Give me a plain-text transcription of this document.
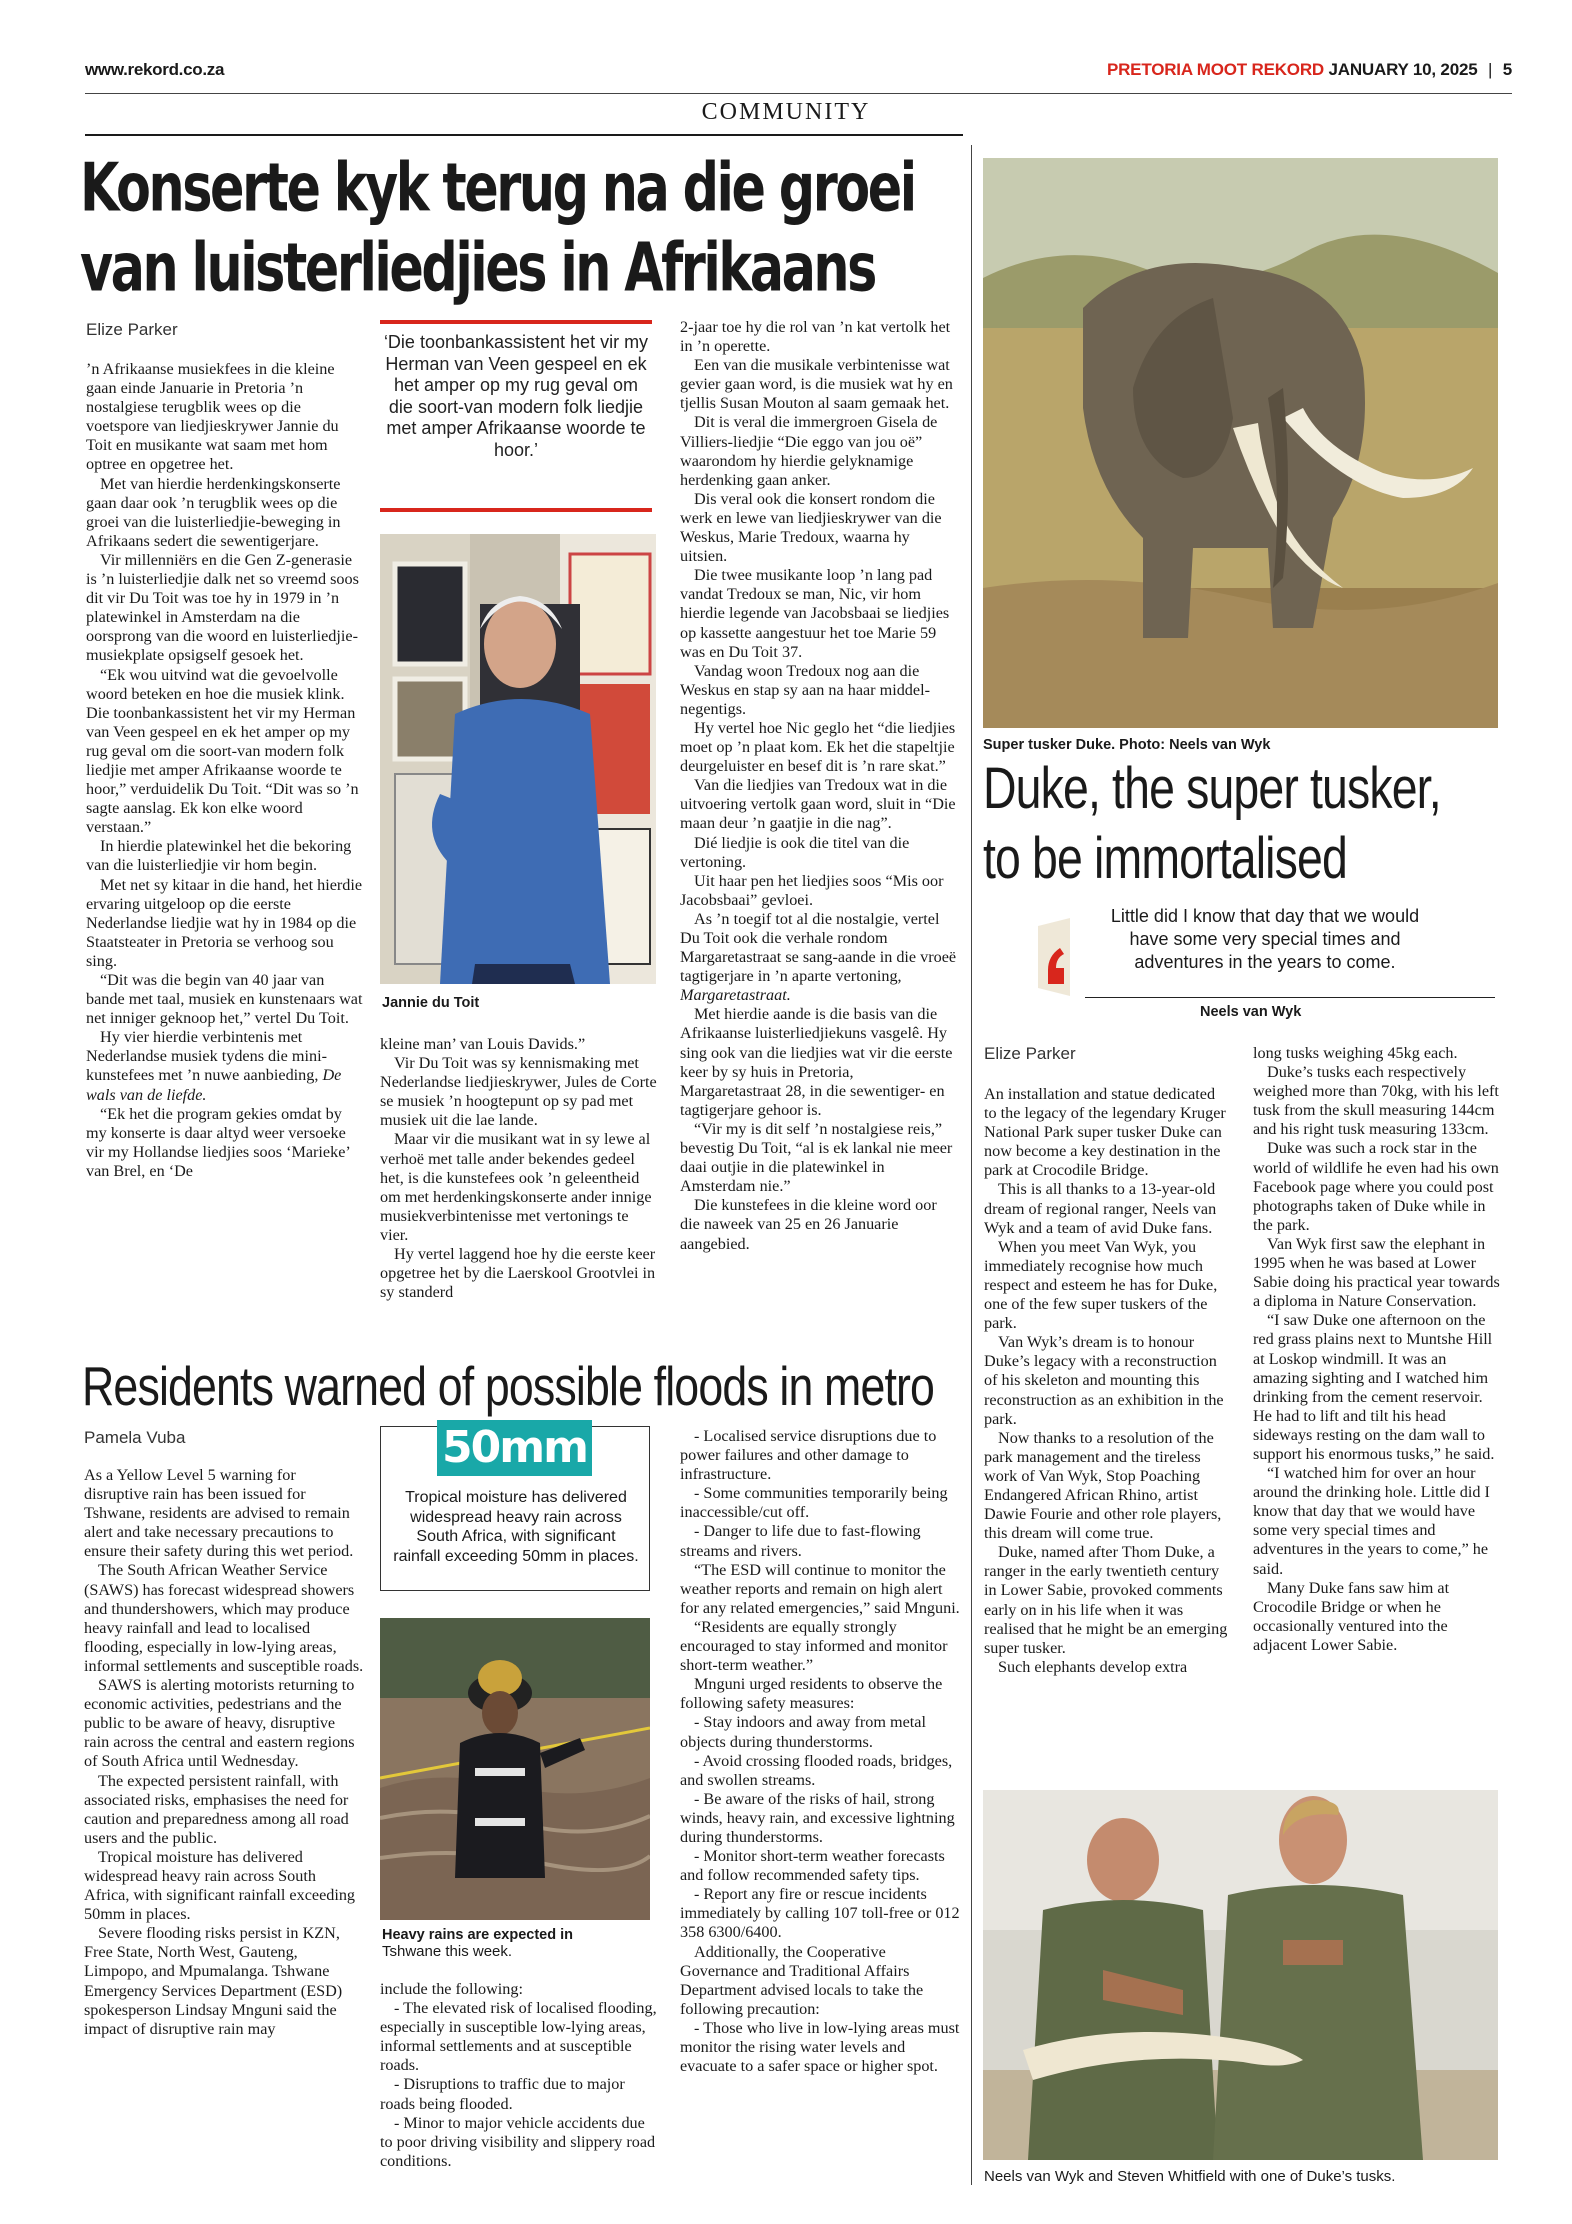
www.rekord.co.za	PRETORIA MOOT REKORD JANUARY 10, 2025 | 5
COMMUNITY
Konserte kyk terug na die groei
van luisterliedjies in Afrikaans
Elize Parker

’n Afrikaanse musiekfees in die kleine gaan einde Januarie in Pretoria ’n nostalgiese terugblik wees op die voetspore van liedjieskrywer Jannie du Toit en musikante wat saam met hom optree en opgetree het.

Met van hierdie herdenkingskonserte gaan daar ook ’n terugblik wees op die groei van die luisterliedjie-beweging in Afrikaans sedert die sewentigerjare.

Vir millenniërs en die Gen Z-generasie is ’n luisterliedjie dalk net so vreemd soos dit vir Du Toit was toe hy in 1979 in ’n platewinkel in Amsterdam na die oorsprong van die woord en luisterliedjie-musiekplate opsigself gesoek het.

“Ek wou uitvind wat die gevoelvolle woord beteken en hoe die musiek klink. Die toonbankassistent het vir my Herman van Veen gespeel en ek het amper op my rug geval om die soort-van modern folk liedjie met amper Afrikaanse woorde te hoor,” verduidelik Du Toit. “Dit was so ’n sagte aanslag. Ek kon elke woord verstaan.”

In hierdie platewinkel het die bekoring van die luisterliedjie vir hom begin.

Met net sy kitaar in die hand, het hierdie ervaring uitgeloop op die eerste Nederlandse liedjie wat hy in 1984 op die Staatsteater in Pretoria se verhoog sou sing.

“Dit was die begin van 40 jaar van bande met taal, musiek en kunstenaars wat net inniger geknoop het,” vertel Du Toit.

Hy vier hierdie verbintenis met Nederlandse musiek tydens die mini-kunstefees met ’n nuwe aanbieding, De wals van de liefde.

“Ek het die program gekies omdat by my konserte is daar altyd weer versoeke vir my Hollandse liedjies soos ‘Marieke’ van Brel, en ‘De

‘Die toonbankassistent het vir my Herman van Veen gespeel en ek het amper op my rug geval om die soort-van modern folk liedjie met amper Afrikaanse woorde te hoor.’
Jannie du Toit

kleine man’ van Louis Davids.”

Vir Du Toit was sy kennismaking met Nederlandse liedjieskrywer, Jules de Corte se musiek ’n hoogtepunt op sy pad met musiek uit die lae lande.

Maar vir die musikant wat in sy lewe al verhoë met talle ander bekendes gedeel het, is die kunstefees ook ’n geleentheid om met herdenkingskonserte ander innige musiekverbintenisse met vertonings te vier.

Hy vertel laggend hoe hy die eerste keer opgetree het by die Laerskool Grootvlei in sy standerd

2-jaar toe hy die rol van ’n kat vertolk het in ’n operette.

Een van die musikale verbintenisse wat gevier gaan word, is die musiek wat hy en tjellis Susan Mouton al saam gemaak het.

Dit is veral die immergroen Gisela de Villiers-liedjie “Die eggo van jou oë” waarondom hy hierdie gelyknamige herdenking gaan anker.

Dis veral ook die konsert rondom die werk en lewe van liedjieskrywer van die Weskus, Marie Tredoux, waarna hy uitsien.

Die twee musikante loop ’n lang pad vandat Tredoux se man, Nic, vir hom hierdie legende van Jacobsbaai se liedjies op kassette aangestuur het toe Marie 59 was en Du Toit 37.

Vandag woon Tredoux nog aan die Weskus en stap sy aan na haar middel-negentigs.

Hy vertel hoe Nic geglo het “die liedjies moet op ’n plaat kom. Ek het die stapeltjie deurgeluister en besef dit is ’n rare skat.”

Van die liedjies van Tredoux wat in die uitvoering vertolk gaan word, sluit in “Die maan deur ’n gaatjie in die nag”.

Dié liedjie is ook die titel van die vertoning.

Uit haar pen het liedjies soos “Mis oor Jacobsbaai” gevloei.

As ’n toegif tot al die nostalgie, vertel Du Toit ook die verhale rondom Margaretastraat se sang-aande in die vroeë tagtigerjare in ’n aparte vertoning, Margaretastraat.

Met hierdie aande is die basis van die Afrikaanse luisterliedjiekuns vasgelê. Hy sing ook van die liedjies wat vir die eerste keer by sy huis in Pretoria, Margaretastraat 28, in die sewentiger- en tagtigerjare gehoor is.

“Vir my is dit self ’n nostalgiese reis,” bevestig Du Toit, “al is ek lankal nie meer daai outjie in die platewinkel in Amsterdam nie.”

Die kunstefees in die kleine word oor die naweek van 25 en 26 Januarie aangebied.

Residents warned of possible floods in metro
Pamela Vuba

As a Yellow Level 5 warning for disruptive rain has been issued for Tshwane, residents are advised to remain alert and take necessary precautions to ensure their safety during this wet period.

The South African Weather Service (SAWS) has forecast widespread showers and thundershowers, which may produce heavy rainfall and lead to localised flooding, especially in low-lying areas, informal settlements and susceptible roads.

SAWS is alerting motorists returning to economic activities, pedestrians and the public to be aware of heavy, disruptive rain across the central and eastern regions of South Africa until Wednesday.

The expected persistent rainfall, with associated risks, emphasises the need for caution and preparedness among all road users and the public.

Tropical moisture has delivered widespread heavy rain across South Africa, with significant rainfall exceeding 50mm in places.

Severe flooding risks persist in KZN, Free State, North West, Gauteng, Limpopo, and Mpumalanga. Tshwane Emergency Services Department (ESD) spokesperson Lindsay Mnguni said the impact of disruptive rain may

50mm
Tropical moisture has delivered widespread heavy rain across South Africa, with significant rainfall exceeding 50mm in places.
Heavy rains are expected in
Tshwane this week.

include the following:

- The elevated risk of localised flooding, especially in susceptible low-lying areas, informal settlements and at susceptible roads.

- Disruptions to traffic due to major roads being flooded.

- Minor to major vehicle accidents due to poor driving visibility and slippery road conditions.

- Localised service disruptions due to power failures and other damage to infrastructure.

- Some communities temporarily being inaccessible/cut off.

- Danger to life due to fast-flowing streams and rivers.

“The ESD will continue to monitor the weather reports and remain on high alert for any related emergencies,” said Mnguni.

“Residents are equally strongly encouraged to stay informed and monitor short-term weather.”

Mnguni urged residents to observe the following safety measures:

- Stay indoors and away from metal objects during thunderstorms.

- Avoid crossing flooded roads, bridges, and swollen streams.

- Be aware of the risks of hail, strong winds, heavy rain, and excessive lightning during thunderstorms.

- Monitor short-term weather forecasts and follow recommended safety tips.

- Report any fire or rescue incidents immediately by calling 107 toll-free or 012 358 6300/6400.

Additionally, the Cooperative Governance and Traditional Affairs Department advised locals to take the following precaution:

- Those who live in low-lying areas must monitor the rising water levels and evacuate to a safer space or higher spot.

Super tusker Duke. Photo: Neels van Wyk
Duke, the super tusker,
to be immortalised
Little did I know that day that we would have some very special times and adventures in the years to come.
Neels van Wyk
Elize Parker

An installation and statue dedicated to the legacy of the legendary Kruger National Park super tusker Duke can now become a key destination in the park at Crocodile Bridge.

This is all thanks to a 13-year-old dream of regional ranger, Neels van Wyk and a team of avid Duke fans.

When you meet Van Wyk, you immediately recognise how much respect and esteem he has for Duke, one of the few super tuskers of the park.

Van Wyk’s dream is to honour Duke’s legacy with a reconstruction of his skeleton and mounting this reconstruction as an exhibition in the park.

Now thanks to a resolution of the park management and the tireless work of Van Wyk, Stop Poaching Endangered African Rhino, artist Dawie Fourie and other role players, this dream will come true.

Duke, named after Thom Duke, a ranger in the early twentieth century in Lower Sabie, provoked comments early on in his life when it was realised that he might be an emerging super tusker.

Such elephants develop extra

long tusks weighing 45kg each.

Duke’s tusks each respectively weighed more than 70kg, with his left tusk from the skull measuring 144cm and his right tusk measuring 133cm.

Duke was such a rock star in the world of wildlife he even had his own Facebook page where you could post photographs taken of Duke while in the park.

Van Wyk first saw the elephant in 1995 when he was based at Lower Sabie doing his practical year towards a diploma in Nature Conservation.

“I saw Duke one afternoon on the red grass plains next to Muntshe Hill at Loskop windmill. It was an amazing sighting and I watched him drinking from the cement reservoir. He had to lift and tilt his head sideways resting on the dam wall to support his enormous tusks,” he said.

“I watched him for over an hour around the drinking hole. Little did I know that day that we would have some very special times and adventures in the years to come,” he said.

Many Duke fans saw him at Crocodile Bridge or when he occasionally ventured into the adjacent Lower Sabie.

Neels van Wyk and Steven Whitfield with one of Duke’s tusks.
